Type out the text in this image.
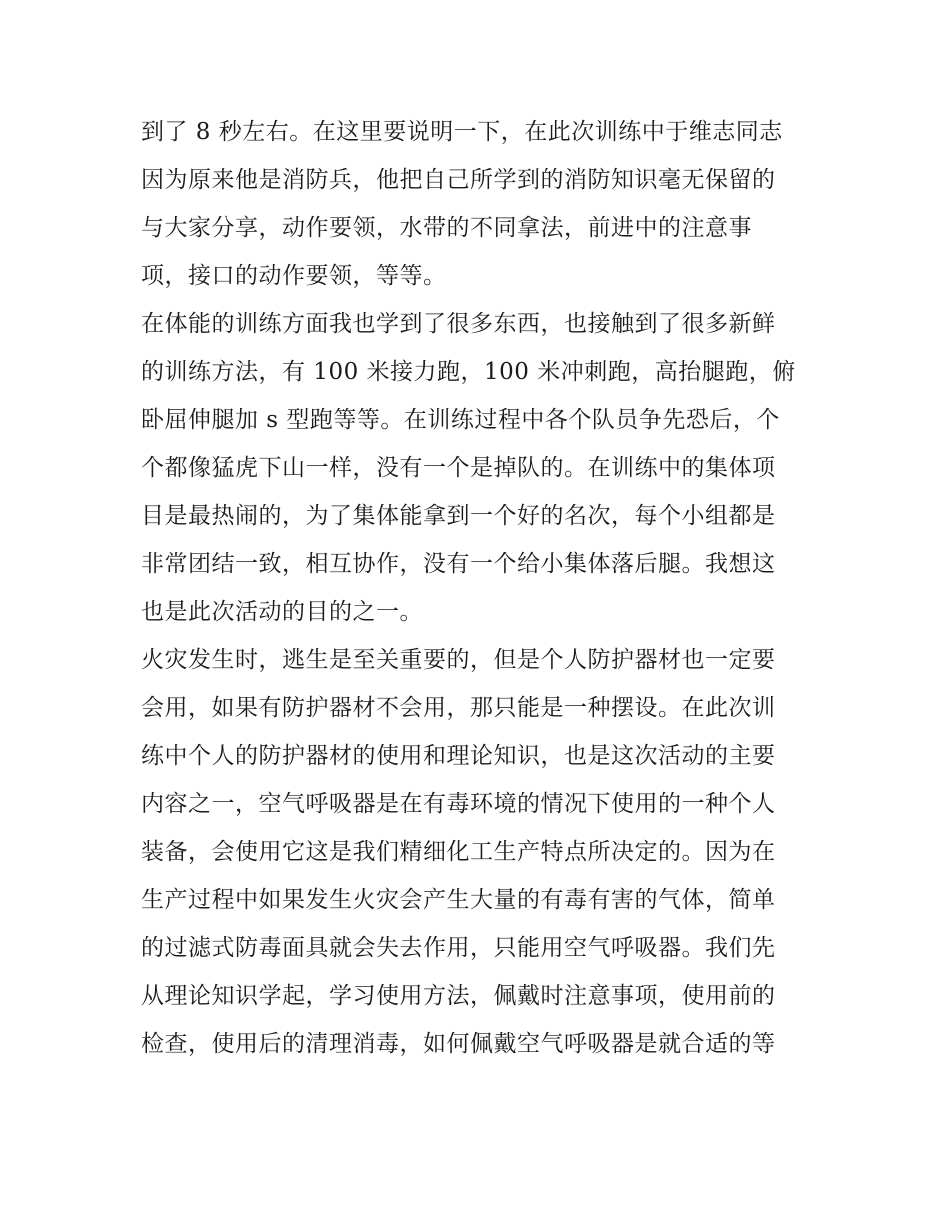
到了 8 秒左右。在这里要说明一下，在此次训练中于维志同志
因为原来他是消防兵，他把自己所学到的消防知识毫无保留的
与大家分享，动作要领，水带的不同拿法，前进中的注意事
项，接口的动作要领，等等。
在体能的训练方面我也学到了很多东西，也接触到了很多新鲜
的训练方法，有 100 米接力跑，100 米冲刺跑，高抬腿跑，俯
卧屈伸腿加 s 型跑等等。在训练过程中各个队员争先恐后，个
个都像猛虎下山一样，没有一个是掉队的。在训练中的集体项
目是最热闹的，为了集体能拿到一个好的名次，每个小组都是
非常团结一致，相互协作，没有一个给小集体落后腿。我想这
也是此次活动的目的之一。
火灾发生时，逃生是至关重要的，但是个人防护器材也一定要
会用，如果有防护器材不会用，那只能是一种摆设。在此次训
练中个人的防护器材的使用和理论知识，也是这次活动的主要
内容之一，空气呼吸器是在有毒环境的情况下使用的一种个人
装备，会使用它这是我们精细化工生产特点所决定的。因为在
生产过程中如果发生火灾会产生大量的有毒有害的气体，简单
的过滤式防毒面具就会失去作用，只能用空气呼吸器。我们先
从理论知识学起，学习使用方法，佩戴时注意事项，使用前的
检查，使用后的清理消毒，如何佩戴空气呼吸器是就合适的等
